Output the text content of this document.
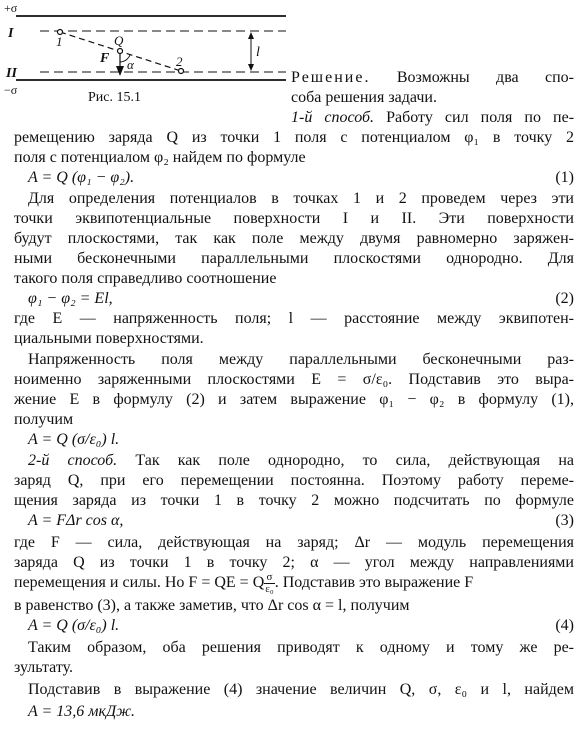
+σ
−σ
I
II
1
2
Q
F α
l
Рис. 15.1
Решение. Возможны два спо-
соба решения задачи.
1-й способ. Работу сил поля по пе-
ремещению заряда Q из точки 1 поля с потенциалом φ₁ в точку 2
поля с потенциалом φ₂ найдем по формуле
A = Q (φ₁ − φ₂).	(1)
Для определения потенциалов в точках 1 и 2 проведем через эти
точки эквипотенциальные поверхности I и II. Эти поверхности
будут плоскостями, так как поле между двумя равномерно заряжен-
ными бесконечными параллельными плоскостями однородно. Для
такого поля справедливо соотношение
φ₁ − φ₂ = El,	(2)
где E — напряженность поля; l — расстояние между эквипотен-
циальными поверхностями.
Напряженность поля между параллельными бесконечными раз-
ноименно заряженными плоскостями E = σ/ε₀. Подставив это выра-
жение E в формулу (2) и затем выражение φ₁ − φ₂ в формулу (1),
получим
A = Q (σ/ε₀) l.
2-й способ. Так как поле однородно, то сила, действующая на
заряд Q, при его перемещении постоянна. Поэтому работу переме-
щения заряда из точки 1 в точку 2 можно подсчитать по формуле
A = FΔr cos α,	(3)
где F — сила, действующая на заряд; Δr — модуль перемещения
заряда Q из точки 1 в точку 2; α — угол между направлениями
перемещения и силы. Но F = QE = Q $\frac{\sigma}{\text{ε₀}}$ . Подставив это выражение F
в равенство (3), а также заметив, что Δr cos α = l, получим
A = Q (σ/ε₀) l.	(4)
Таким образом, оба решения приводят к одному и тому же ре-
зультату.
Подставив в выражение (4) значение величин Q, σ, ε₀ и l, найдем
A = 13,6 мкДж.
